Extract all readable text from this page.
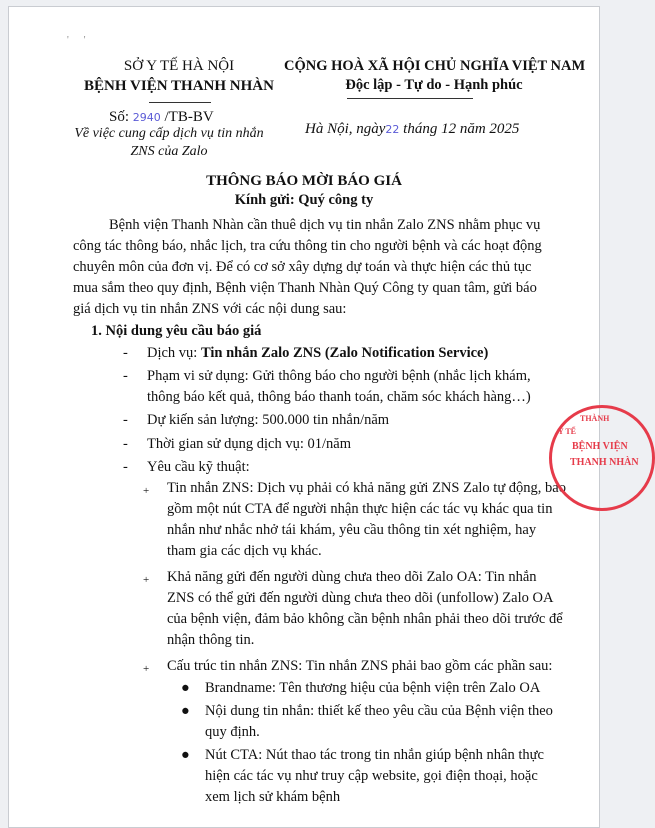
'      '
SỞ Y TẾ HÀ NỘI
BỆNH VIỆN THANH NHÀN
Số: 2940 /TB-BV
Về việc cung cấp dịch vụ tin nhắn
ZNS của Zalo
CỘNG HOÀ XÃ HỘI CHỦ NGHĨA VIỆT NAM
Độc lập - Tự do - Hạnh phúc
Hà Nội, ngày22 tháng 12 năm 2025
THÔNG BÁO MỜI BÁO GIÁ
Kính gửi: Quý công ty
Bệnh viện Thanh Nhàn cần thuê dịch vụ tin nhắn Zalo ZNS nhằm phục vụ
công tác thông báo, nhắc lịch, tra cứu thông tin cho người bệnh và các hoạt động
chuyên môn của đơn vị. Để có cơ sở xây dựng dự toán và thực hiện các thủ tục
mua sắm theo quy định, Bệnh viện Thanh Nhàn Quý Công ty quan tâm, gửi báo
giá dịch vụ tin nhắn ZNS với các nội dung sau:
1. Nội dung yêu cầu báo giá
- Dịch vụ: Tin nhắn Zalo ZNS (Zalo Notification Service)
- Phạm vi sử dụng: Gửi thông báo cho người bệnh (nhắc lịch khám,
thông báo kết quả, thông báo thanh toán, chăm sóc khách hàng…)
- Dự kiến sản lượng: 500.000 tin nhắn/năm
- Thời gian sử dụng dịch vụ: 01/năm
- Yêu cầu kỹ thuật:
+ Tin nhắn ZNS: Dịch vụ phải có khả năng gửi ZNS Zalo tự động, bao
gồm một nút CTA để người nhận thực hiện các tác vụ khác qua tin
nhắn như nhắc nhở tái khám, yêu cầu thông tin xét nghiệm, hay
tham gia các dịch vụ khác.
+ Khả năng gửi đến người dùng chưa theo dõi Zalo OA: Tin nhắn
ZNS có thể gửi đến người dùng chưa theo dõi (unfollow) Zalo OA
của bệnh viện, đảm bảo không cần bệnh nhân phải theo dõi trước để
nhận thông tin.
+ Cấu trúc tin nhắn ZNS: Tin nhắn ZNS phải bao gồm các phần sau:
● Brandname: Tên thương hiệu của bệnh viện trên Zalo OA
● Nội dung tin nhắn: thiết kế theo yêu cầu của Bệnh viện theo
quy định.
● Nút CTA: Nút thao tác trong tin nhắn giúp bệnh nhân thực
hiện các tác vụ như truy cập website, gọi điện thoại, hoặc
xem lịch sử khám bệnh
THÀNH
Y TẾ
BỆNH VIỆN
THANH NHÀN
